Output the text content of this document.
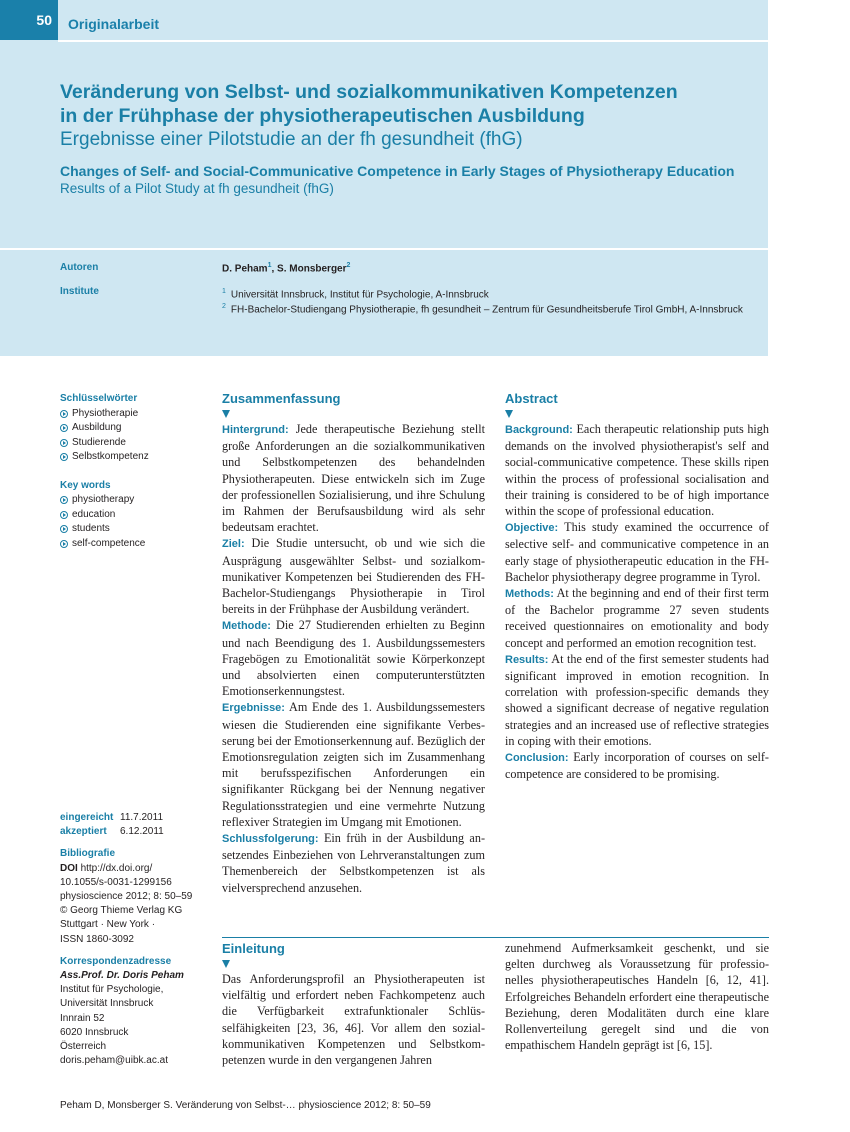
50	Originalarbeit
Veränderung von Selbst- und sozialkommunikativen Kompetenzen
in der Frühphase der physiotherapeutischen Ausbildung
Ergebnisse einer Pilotstudie an der fh gesundheit (fhG)
Changes of Self- and Social-Communicative Competence in Early Stages of Physiotherapy Education
Results of a Pilot Study at fh gesundheit (fhG)
Autoren	D. Peham$^1$, S. Monsberger$^2$
Institute	$^1$ Universität Innsbruck, Institut für Psychologie, A-Innsbruck
$^2$ FH-Bachelor-Studiengang Physiotherapie, fh gesundheit – Zentrum für Gesundheitsberufe Tirol GmbH, A-Innsbruck
Schlüsselwörter
Physiotherapie
Ausbildung
Studierende
Selbstkompetenz
Key words
physiotherapy
education
students
self-competence
eingereicht 11.7.2011
akzeptiert 6.12.2011
Bibliografie
DOI http://dx.doi.org/
10.1055/s-0031-1299156
physioscience 2012; 8: 50–59
© Georg Thieme Verlag KG
Stuttgart · New York ·
ISSN 1860-3092
Korrespondenzadresse
Ass.Prof. Dr. Doris Peham
Institut für Psychologie,
Universität Innsbruck
Innrain 52
6020 Innsbruck
Österreich
doris.peham@uibk.ac.at
Zusammenfassung
Hintergrund: Jede therapeutische Beziehung stellt große Anforderungen an die sozialkommunikativen und Selbstkompetenzen des behandelnden Physiotherapeuten. Diese entwickeln sich im Zuge der professionellen Sozialisierung, und ihre Schulung im Rahmen der Berufsausbildung wird als sehr bedeutsam erachtet.
Ziel: Die Studie untersucht, ob und wie sich die Ausprägung ausgewählter Selbst- und sozialkommunikativer Kompetenzen bei Studierenden des FH-Bachelor-Studiengangs Physiotherapie in Tirol bereits in der Frühphase der Ausbildung verändert.
Methode: Die 27 Studierenden erhielten zu Beginn und nach Beendigung des 1. Ausbildungssemesters Fragebögen zu Emotionalität sowie Körperkonzept und absolvierten einen computerunterstützten Emotionserkennungstest.
Ergebnisse: Am Ende des 1. Ausbildungssemesters wiesen die Studierenden eine signifikante Verbesserung bei der Emotionserkennung auf. Bezüglich der Emotionsregulation zeigten sich im Zusammenhang mit berufsspezifischen Anforderungen ein signifikanter Rückgang bei der Nennung negativer Regulationsstrategien und eine vermehrte Nutzung reflexiver Strategien im Umgang mit Emotionen.
Schlussfolgerung: Ein früh in der Ausbildung ansetzendes Einbeziehen von Lehrveranstaltungen zum Themenbereich der Selbstkompetenzen ist als vielversprechend anzusehen.
Abstract
Background: Each therapeutic relationship puts high demands on the involved physiotherapist's self and social-communicative competence. These skills ripen within the process of professional socialisation and their training is considered to be of high importance within the scope of professional education.
Objective: This study examined the occurrence of selective self- and communicative competence in an early stage of physiotherapeutic education in the FH-Bachelor physiotherapy degree programme in Tyrol.
Methods: At the beginning and end of their first term of the Bachelor programme 27 seven students received questionnaires on emotionality and body concept and performed an emotion recognition test.
Results: At the end of the first semester students had significant improved in emotion recognition. In correlation with profession-specific demands they showed a significant decrease of negative regulation strategies and an increased use of reflective strategies in coping with their emotions.
Conclusion: Early incorporation of courses on self-competence are considered to be promising.
Einleitung
Das Anforderungsprofil an Physiotherapeuten ist vielfältig und erfordert neben Fachkompetenz auch die Verfügbarkeit extrafunktionaler Schlüsselfähigkeiten [23, 36, 46]. Vor allem den sozialkommunikativen Kompetenzen und Selbstkompetenzen wurde in den vergangenen Jahren
zunehmend Aufmerksamkeit geschenkt, und sie gelten durchweg als Voraussetzung für professionelles physiotherapeutisches Handeln [6, 12, 41]. Erfolgreiches Behandeln erfordert eine therapeutische Beziehung, deren Modalitäten durch eine klare Rollenverteilung geregelt sind und die von empathischem Handeln geprägt ist [6, 15].
Peham D, Monsberger S. Veränderung von Selbst-… physioscience 2012; 8: 50–59
